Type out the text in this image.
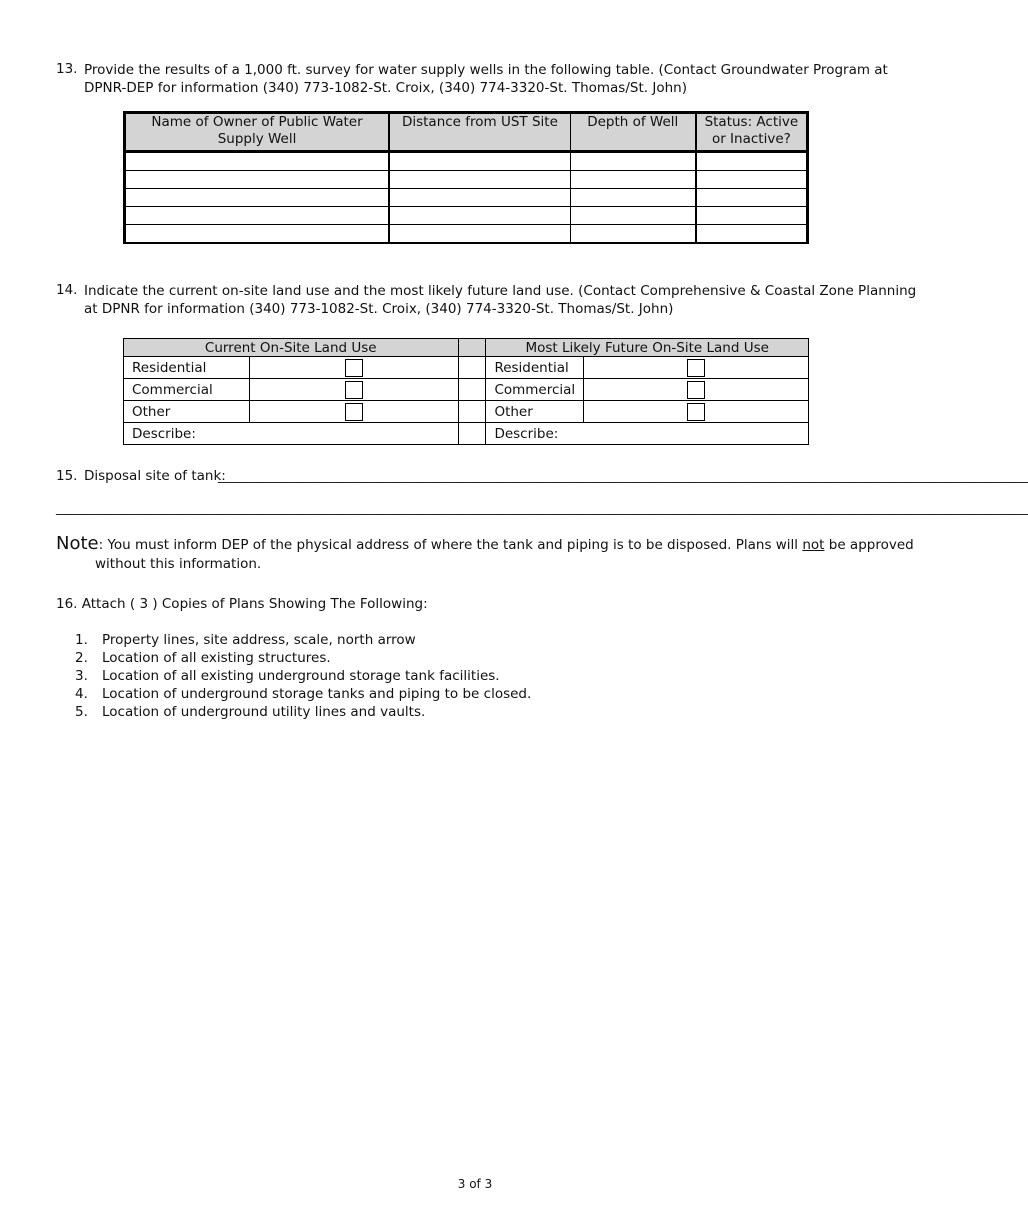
13. Provide the results of a 1,000 ft. survey for water supply wells in the following table. (Contact Groundwater Program at
DPNR-DEP for information (340) 773-1082-St. Croix, (340) 774-3320-St. Thomas/St. John)
Name of Owner of Public Water Supply Well	Distance from UST Site	Depth of Well	Status: Active or Inactive?

14. Indicate the current on-site land use and the most likely future land use. (Contact Comprehensive & Coastal Zone Planning
at DPNR for information (340) 773-1082-St. Croix, (340) 774-3320-St. Thomas/St. John)
Current On-Site Land Use			Most Likely Future On-Site Land Use	
Residential			Residential	
Commercial			Commercial	
Other			Other	
Describe:			Describe:	
15. Disposal site of tank:
________________________________________________________________________________________________________________________
________________________________________________________________________________________________________________________________________________
Note: You must inform DEP of the physical address of where the tank and piping is to be disposed. Plans will not be approved
without this information.
16. Attach ( 3 ) Copies of Plans Showing The Following:
1. Property lines, site address, scale, north arrow
2. Location of all existing structures.
3. Location of all existing underground storage tank facilities.
4. Location of underground storage tanks and piping to be closed.
5. Location of underground utility lines and vaults.
3 of 3
